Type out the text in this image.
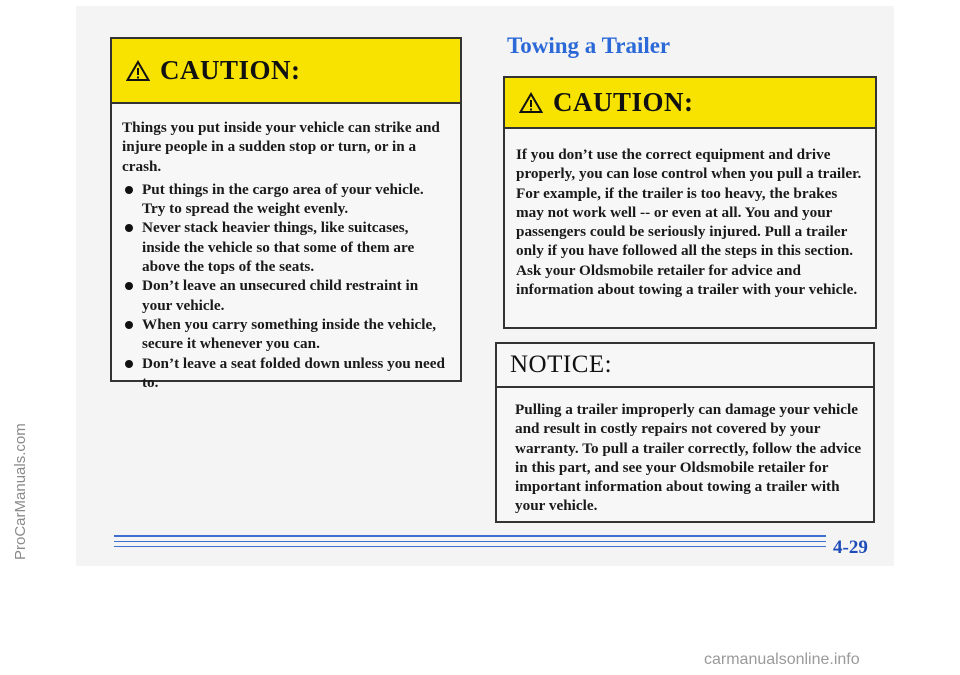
CAUTION:

Things you put inside your vehicle can strike and injure people in a sudden stop or turn, or in a crash.

Put things in the cargo area of your vehicle. Try to spread the weight evenly.
Never stack heavier things, like suitcases, inside the vehicle so that some of them are above the tops of the seats.
Don’t leave an unsecured child restraint in your vehicle.
When you carry something inside the vehicle, secure it whenever you can.
Don’t leave a seat folded down unless you need to.
Towing a Trailer
CAUTION:

If you don’t use the correct equipment and drive properly, you can lose control when you pull a trailer. For example, if the trailer is too heavy, the brakes may not work well -- or even at all. You and your passengers could be seriously injured. Pull a trailer only if you have followed all the steps in this section. Ask your Oldsmobile retailer for advice and information about towing a trailer with your vehicle.

NOTICE:

Pulling a trailer improperly can damage your vehicle and result in costly repairs not covered by your warranty. To pull a trailer correctly, follow the advice in this part, and see your Oldsmobile retailer for important information about towing a trailer with your vehicle.

4-29
ProCarManuals.com
carmanualsonline.info
